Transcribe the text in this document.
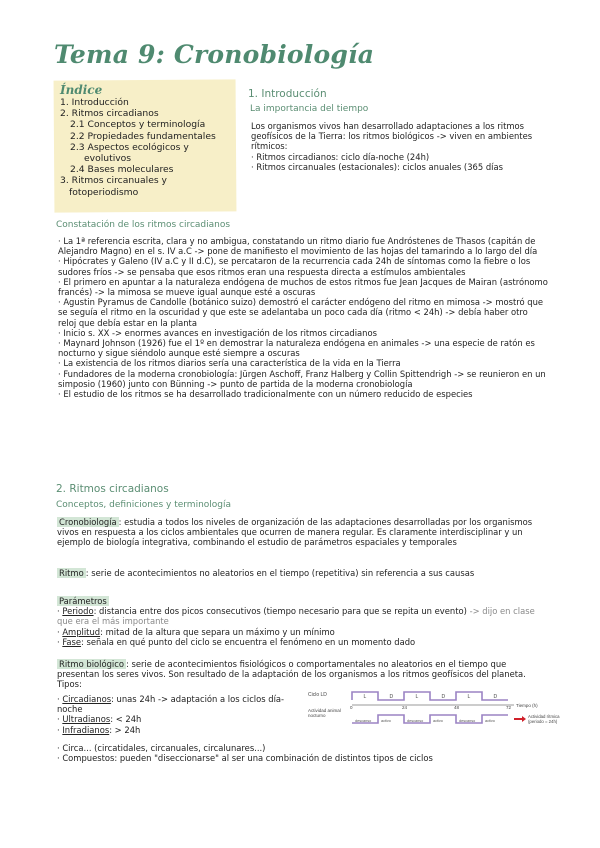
Tema 9: Cronobiología
Índice
1. Introducción
2. Ritmos circadianos
2.1 Conceptos y terminología
2.2 Propiedades fundamentales
2.3 Aspectos ecológicos y
evolutivos
2.4 Bases moleculares
3. Ritmos circanuales y
fotoperiodismo
1. Introducción
La importancia del tiempo

Los organismos vivos han desarrollado adaptaciones a los ritmos geofísicos de la Tierra: los ritmos biológicos -> viven en ambientes rítmicos:

· Ritmos circadianos: ciclo día-noche (24h)
· Ritmos circanuales (estacionales): ciclos anuales (365 días
Constatación de los ritmos circadianos
· La 1ª referencia escrita, clara y no ambigua, constatando un ritmo diario fue Andróstenes de Thasos (capitán de Alejandro Magno) en el s. IV a.C -> pone de manifiesto el movimiento de las hojas del tamarindo a lo largo del día
· Hipócrates y Galeno (IV a.C y II d.C), se percataron de la recurrencia cada 24h de síntomas como la fiebre o los sudores fríos -> se pensaba que esos ritmos eran una respuesta directa a estímulos ambientales
· El primero en apuntar a la naturaleza endógena de muchos de estos ritmos fue Jean Jacques de Mairan (astrónomo francés) -> la mimosa se mueve igual aunque esté a oscuras
· Agustin Pyramus de Candolle (botánico suizo) demostró el carácter endógeno del ritmo en mimosa -> mostró que se seguía el ritmo en la oscuridad y que este se adelantaba un poco cada día (ritmo < 24h) -> debía haber otro reloj que debía estar en la planta
· Inicio s. XX -> enormes avances en investigación de los ritmos circadianos
· Maynard Johnson (1926) fue el 1º en demostrar la naturaleza endógena en animales -> una especie de ratón es nocturno y sigue siéndolo aunque esté siempre a oscuras
· La existencia de los ritmos diarios sería una característica de la vida en la Tierra
· Fundadores de la moderna cronobiología: Jürgen Aschoff, Franz Halberg y Collin Spittendrigh -> se reunieron en un simposio (1960) junto con Bünning -> punto de partida de la moderna cronobiología
· El estudio de los ritmos se ha desarrollado tradicionalmente con un número reducido de especies
2. Ritmos circadianos
Conceptos, definiciones y terminología

Cronobiología : estudia a todos los niveles de organización de las adaptaciones desarrolladas por los organismos vivos en respuesta a los ciclos ambientales que ocurren de manera regular. Es claramente interdisciplinar y un ejemplo de biología integrativa, combinando el estudio de parámetros espaciales y temporales

Ritmo : serie de acontecimientos no aleatorios en el tiempo (repetitiva) sin referencia a sus causas

Parámetros

· Periodo: distancia entre dos picos consecutivos (tiempo necesario para que se repita un evento) -> dijo en clase que era el más importante
· Amplitud: mitad de la altura que separa un máximo y un mínimo
· Fase: señala en qué punto del ciclo se encuentra el fenómeno en un momento dado

Ritmo biológico : serie de acontecimientos fisiológicos o comportamentales no aleatorios en el tiempo que presentan los seres vivos. Son resultado de la adaptación de los organismos a los ritmos geofísicos del planeta. Tipos:

· Circadianos: unas 24h -> adaptación a los ciclos día-noche
· Ultradianos: < 24h
· Infradianos: > 24h
· Circa... (circatidales, circanuales, circalunares...)
· Compuestos: pueden "diseccionarse" al ser una combinación de distintos tipos de ciclos
Ciclo LD	L	D	L	D	L	D
Actividad animal
nocturno
descanso	activo	descanso	activo	descanso	activo
0	24	48	72 Tiempo (h)
Actividad rítmica
(periodo = 24h)
